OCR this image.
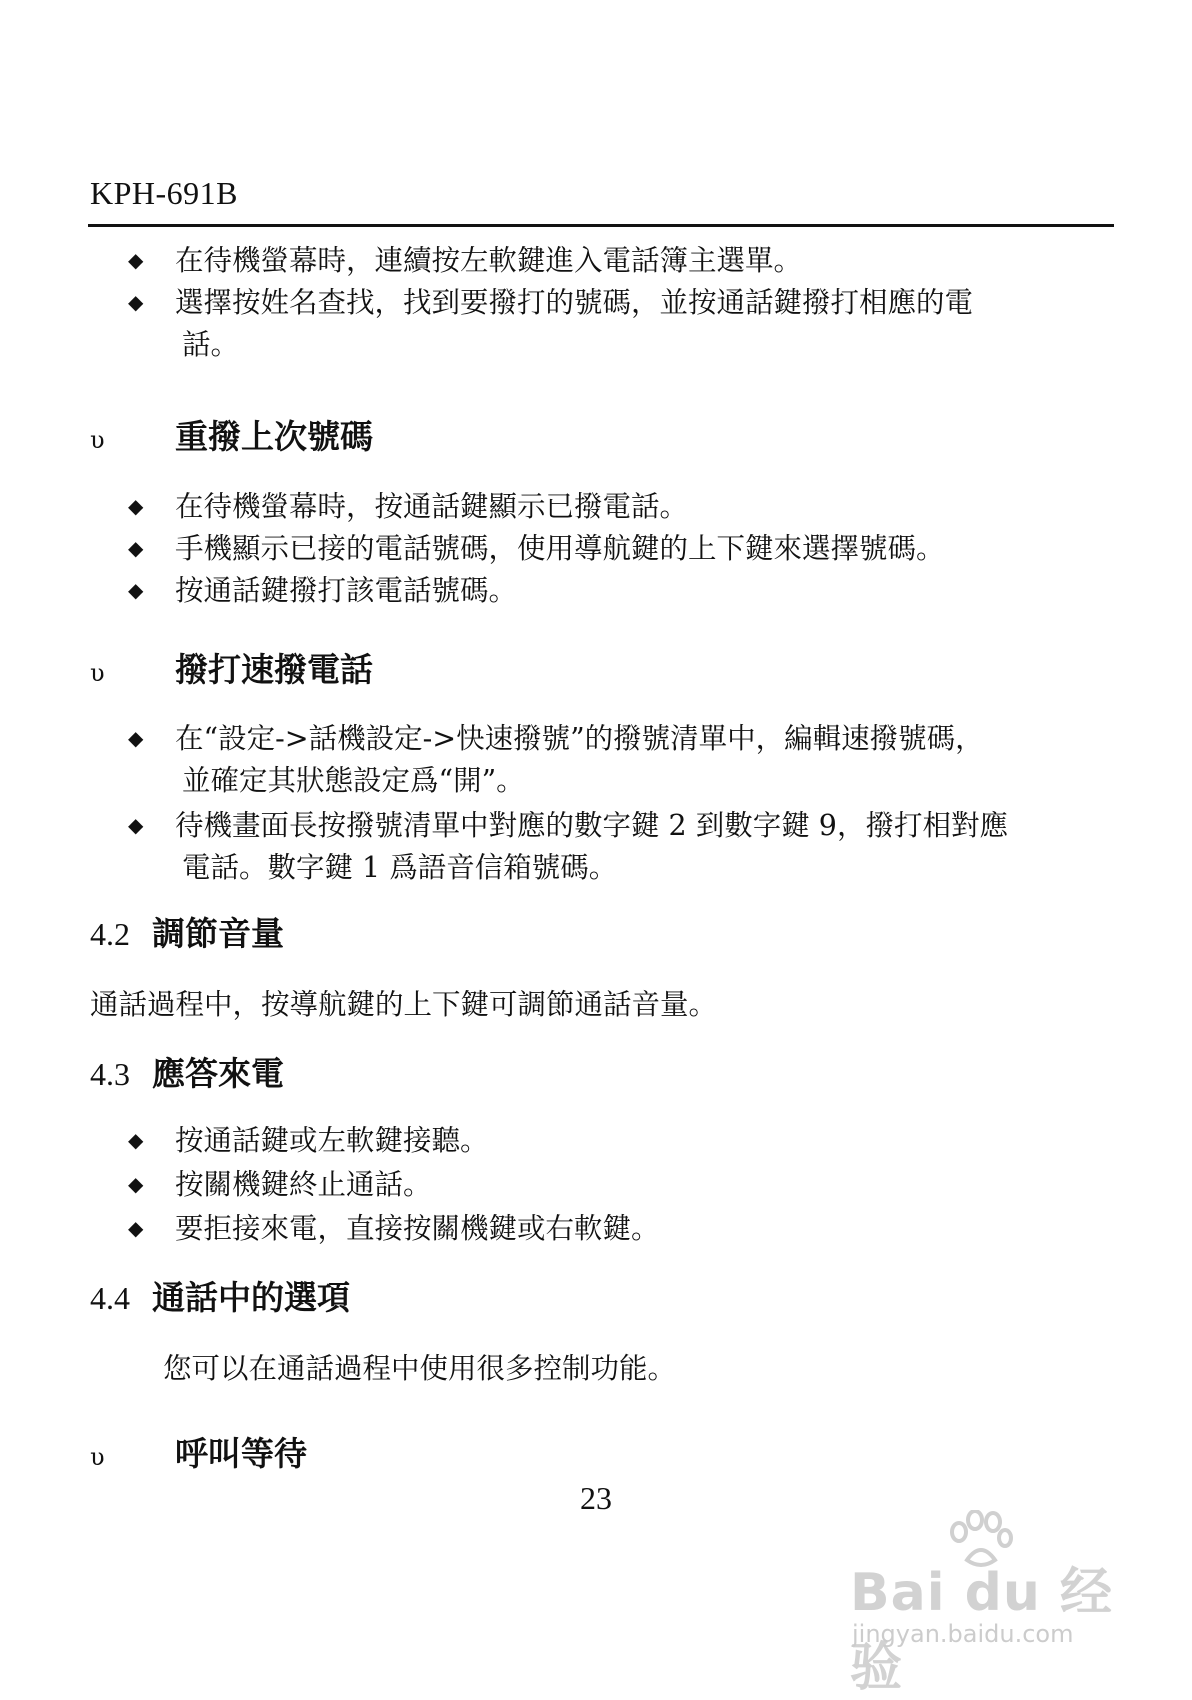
KPH-691B
◆ 在待機螢幕時，連續按左軟鍵進入電話簿主選單。
◆ 選擇按姓名查找，找到要撥打的號碼，並按通話鍵撥打相應的電
話。
υ 重撥上次號碼
◆ 在待機螢幕時，按通話鍵顯示已撥電話。
◆ 手機顯示已接的電話號碼，使用導航鍵的上下鍵來選擇號碼。
◆ 按通話鍵撥打該電話號碼。
υ 撥打速撥電話
◆ 在“設定->話機設定->快速撥號”的撥號清單中，編輯速撥號碼，
並確定其狀態設定爲“開”。
◆ 待機畫面長按撥號清單中對應的數字鍵 2 到數字鍵 9，撥打相對應
電話。數字鍵 1 爲語音信箱號碼。
4.2 調節音量
通話過程中，按導航鍵的上下鍵可調節通話音量。
4.3 應答來電
◆ 按通話鍵或左軟鍵接聽。
◆ 按關機鍵終止通話。
◆ 要拒接來電，直接按關機鍵或右軟鍵。
4.4 通話中的選項
您可以在通話過程中使用很多控制功能。
υ 呼叫等待
23
Bai du 经验
jingyan.baidu.com
